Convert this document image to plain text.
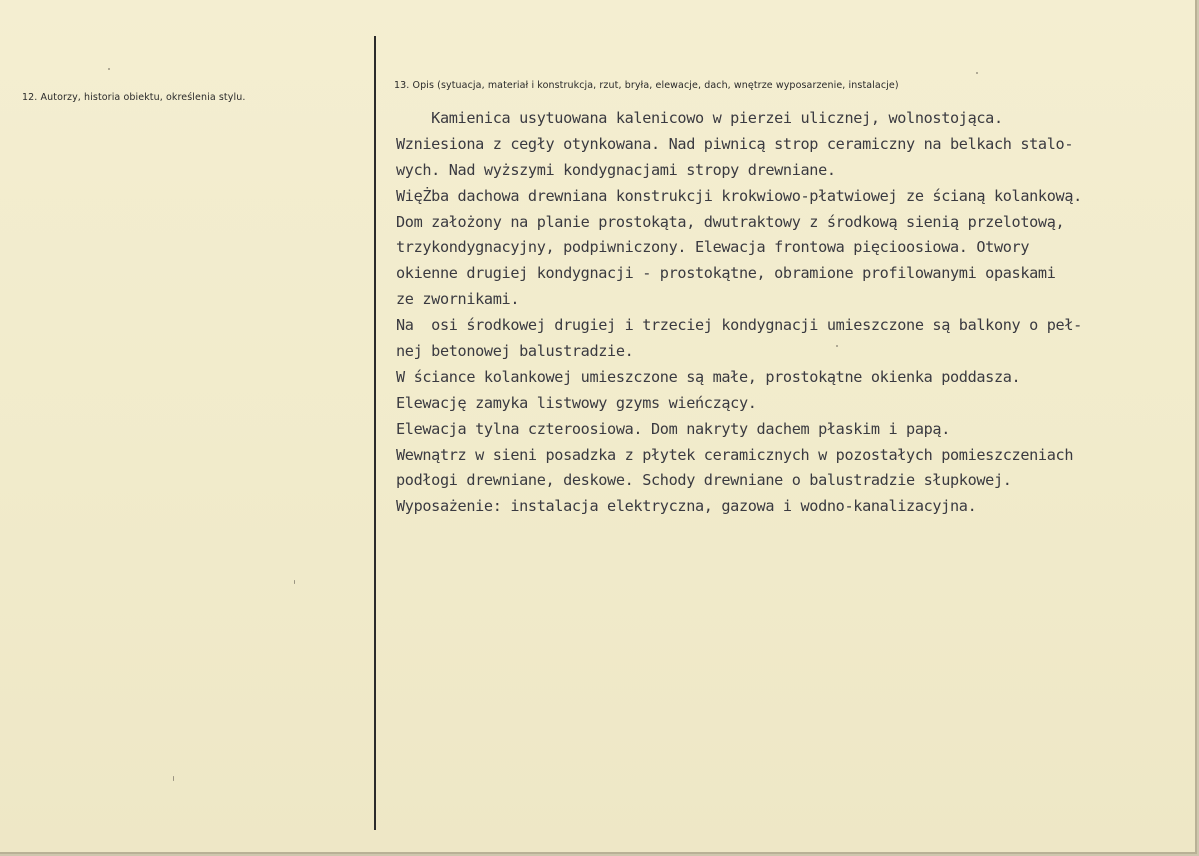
12. Autorzy, historia obiektu, określenia stylu.
13. Opis (sytuacja, materiał i konstrukcja, rzut, bryła, elewacje, dach, wnętrze wyposarzenie, instalacje)
Kamienica usytuowana kalenicowo w pierzei ulicznej, wolnostojąca.
Wzniesiona z cegły otynkowana. Nad piwnicą strop ceramiczny na belkach stalo-
wych. Nad wyższymi kondygnacjami stropy drewniane.
WięŻba dachowa drewniana konstrukcji krokwiowo-płatwiowej ze ścianą kolankową.
Dom założony na planie prostokąta, dwutraktowy z środkową sienią przelotową,
trzykondygnacyjny, podpiwniczony. Elewacja frontowa pięcioosiowa. Otwory
okienne drugiej kondygnacji - prostokątne, obramione profilowanymi opaskami
ze zwornikami.
Na  osi środkowej drugiej i trzeciej kondygnacji umieszczone są balkony o peł-
nej betonowej balustradzie.
W ściance kolankowej umieszczone są małe, prostokątne okienka poddasza.
Elewację zamyka listwowy gzyms wieńczący.
Elewacja tylna czteroosiowa. Dom nakryty dachem płaskim i papą.
Wewnątrz w sieni posadzka z płytek ceramicznych w pozostałych pomieszczeniach
podłogi drewniane, deskowe. Schody drewniane o balustradzie słupkowej.
Wyposażenie: instalacja elektryczna, gazowa i wodno-kanalizacyjna.
